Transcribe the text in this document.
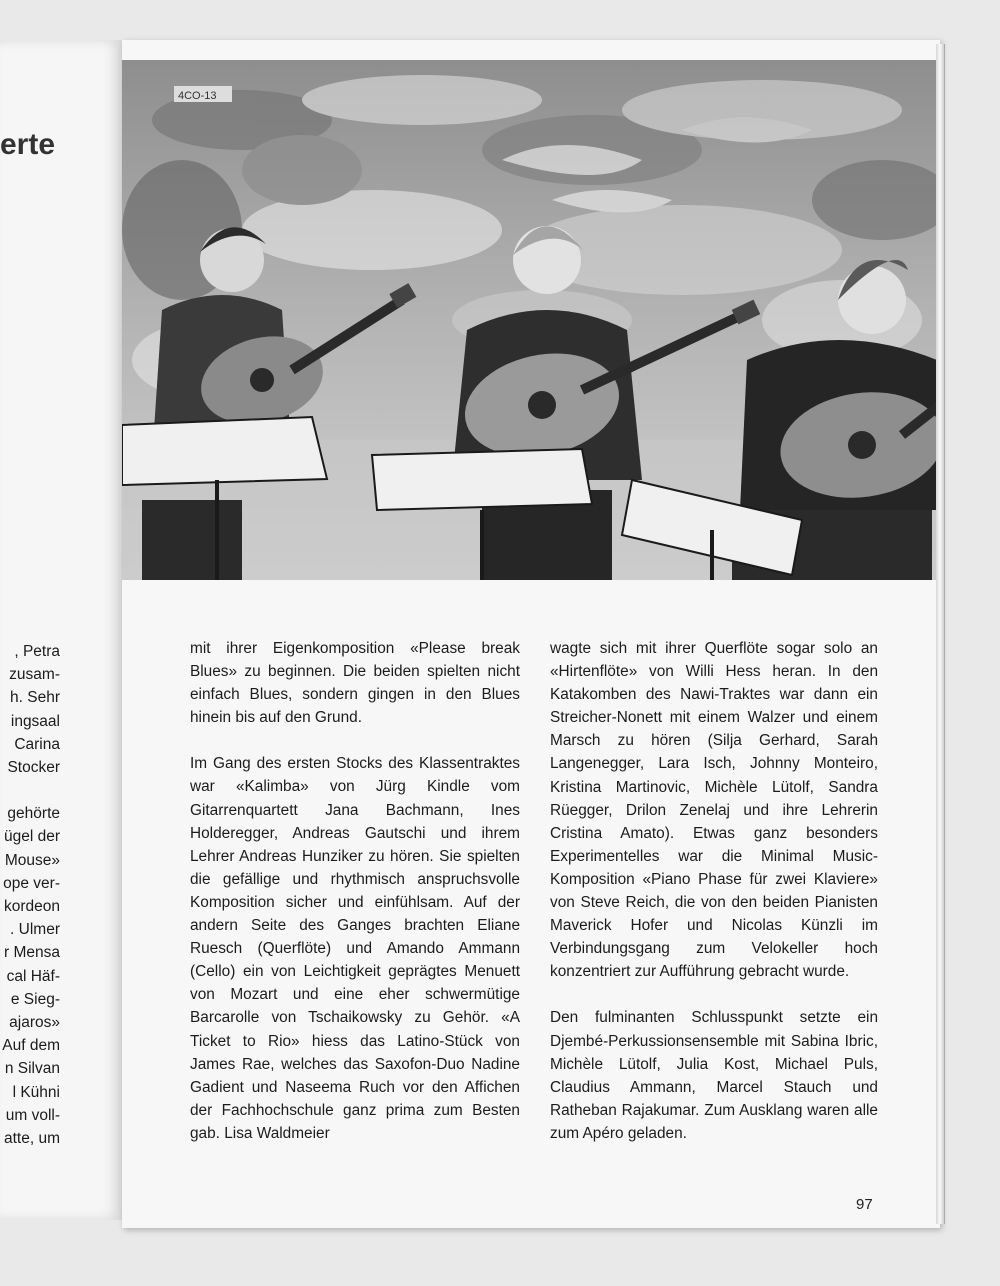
erte
, Petra
zusam-
h. Sehr
ingsaal
Carina
Stocker
gehörte
ügel der
Mouse»
ope ver-
kordeon
. Ulmer
r Mensa
cal Häf-
e Sieg-
ajaros»
Auf dem
n Silvan
l Kühni
um voll-
atte, um
4CO-13

mit ihrer Eigenkomposition «Please break Blues» zu beginnen. Die beiden spielten nicht einfach Blues, sondern gingen in den Blues hinein bis auf den Grund.

Im Gang des ersten Stocks des Klassentraktes war «Kalimba» von Jürg Kindle vom Gitarrenquartett Jana Bachmann, Ines Holderegger, Andreas Gautschi und ihrem Lehrer Andreas Hunziker zu hören. Sie spielten die gefällige und rhythmisch anspruchsvolle Komposition sicher und einfühlsam. Auf der andern Seite des Ganges brachten Eliane Ruesch (Querflöte) und Amando Ammann (Cello) ein von Leichtigkeit geprägtes Menuett von Mozart und eine eher schwermütige Barcarolle von Tschaikowsky zu Gehör. «A Ticket to Rio» hiess das Latino-Stück von James Rae, welches das Saxofon-Duo Nadine Gadient und Naseema Ruch vor den Affichen der Fachhochschule ganz prima zum Besten gab. Lisa Waldmeier

wagte sich mit ihrer Querflöte sogar solo an «Hirtenflöte» von Willi Hess heran. In den Katakomben des Nawi-Traktes war dann ein Streicher-Nonett mit einem Walzer und einem Marsch zu hören (Silja Gerhard, Sarah Langenegger, Lara Isch, Johnny Monteiro, Kristina Martinovic, Michèle Lütolf, Sandra Rüegger, Drilon Zenelaj und ihre Lehrerin Cristina Amato). Etwas ganz besonders Experimentelles war die Minimal Music-Komposition «Piano Phase für zwei Klaviere» von Steve Reich, die von den beiden Pianisten Maverick Hofer und Nicolas Künzli im Verbindungsgang zum Velokeller hoch konzentriert zur Aufführung gebracht wurde.

Den fulminanten Schlusspunkt setzte ein Djembé-Perkussionsensemble mit Sabina Ibric, Michèle Lütolf, Julia Kost, Michael Puls, Claudius Ammann, Marcel Stauch und Ratheban Rajakumar. Zum Ausklang waren alle zum Apéro geladen.

97
